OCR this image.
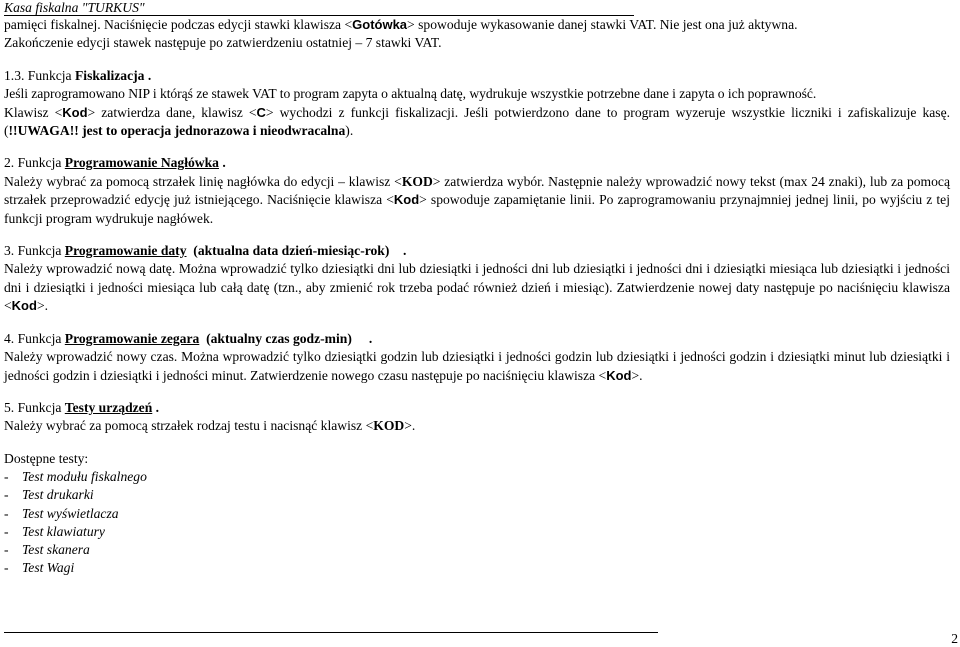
Kasa fiskalna "TURKUS"

pamięci fiskalnej. Naciśnięcie podczas edycji stawki klawisza <Gotówka> spowoduje wykasowanie danej stawki VAT. Nie jest ona już aktywna.
Zakończenie edycji stawek następuje po zatwierdzeniu ostatniej – 7 stawki VAT.

1.3. Funkcja Fiskalizacja .

Jeśli zaprogramowano NIP i którąś ze stawek VAT to program zapyta o aktualną datę, wydrukuje wszystkie potrzebne dane i zapyta o ich poprawność.

Klawisz <Kod> zatwierdza dane, klawisz <C> wychodzi z funkcji fiskalizacji. Jeśli potwierdzono dane to program wyzeruje wszystkie liczniki i zafiskalizuje kasę. (!!UWAGA!! jest to operacja jednorazowa i nieodwracalna).

2. Funkcja Programowanie Nagłówka .

Należy wybrać za pomocą strzałek linię nagłówka do edycji – klawisz <KOD> zatwierdza wybór. Następnie należy wprowadzić nowy tekst (max 24 znaki), lub za pomocą strzałek przeprowadzić edycję już istniejącego. Naciśnięcie klawisza <Kod> spowoduje zapamiętanie linii. Po zaprogramowaniu przynajmniej jednej linii, po wyjściu z tej funkcji program wydrukuje nagłówek.

3. Funkcja Programowanie daty  (aktualna data dzień-miesiąc-rok)    .

Należy wprowadzić nową datę. Można wprowadzić tylko dziesiątki dni lub dziesiątki i jedności dni lub dziesiątki i jedności dni i dziesiątki miesiąca lub dziesiątki i jedności dni i dziesiątki i jedności miesiąca lub całą datę (tzn., aby zmienić rok trzeba podać również dzień i miesiąc). Zatwierdzenie nowej daty następuje po naciśnięciu klawisza <Kod>.

4. Funkcja Programowanie zegara  (aktualny czas godz-min)     .

Należy wprowadzić nowy czas. Można wprowadzić tylko dziesiątki godzin lub dziesiątki i jedności godzin lub dziesiątki i jedności godzin i dziesiątki minut lub dziesiątki i jedności godzin i dziesiątki i jedności minut. Zatwierdzenie nowego czasu następuje po naciśnięciu klawisza <Kod>.

5. Funkcja Testy urządzeń .

Należy wybrać za pomocą strzałek rodzaj testu i nacisnąć klawisz <KOD>.

Dostępne testy:

- Test modułu fiskalnego
- Test drukarki
- Test wyświetlacza
- Test klawiatury
- Test skanera
- Test Wagi
2
